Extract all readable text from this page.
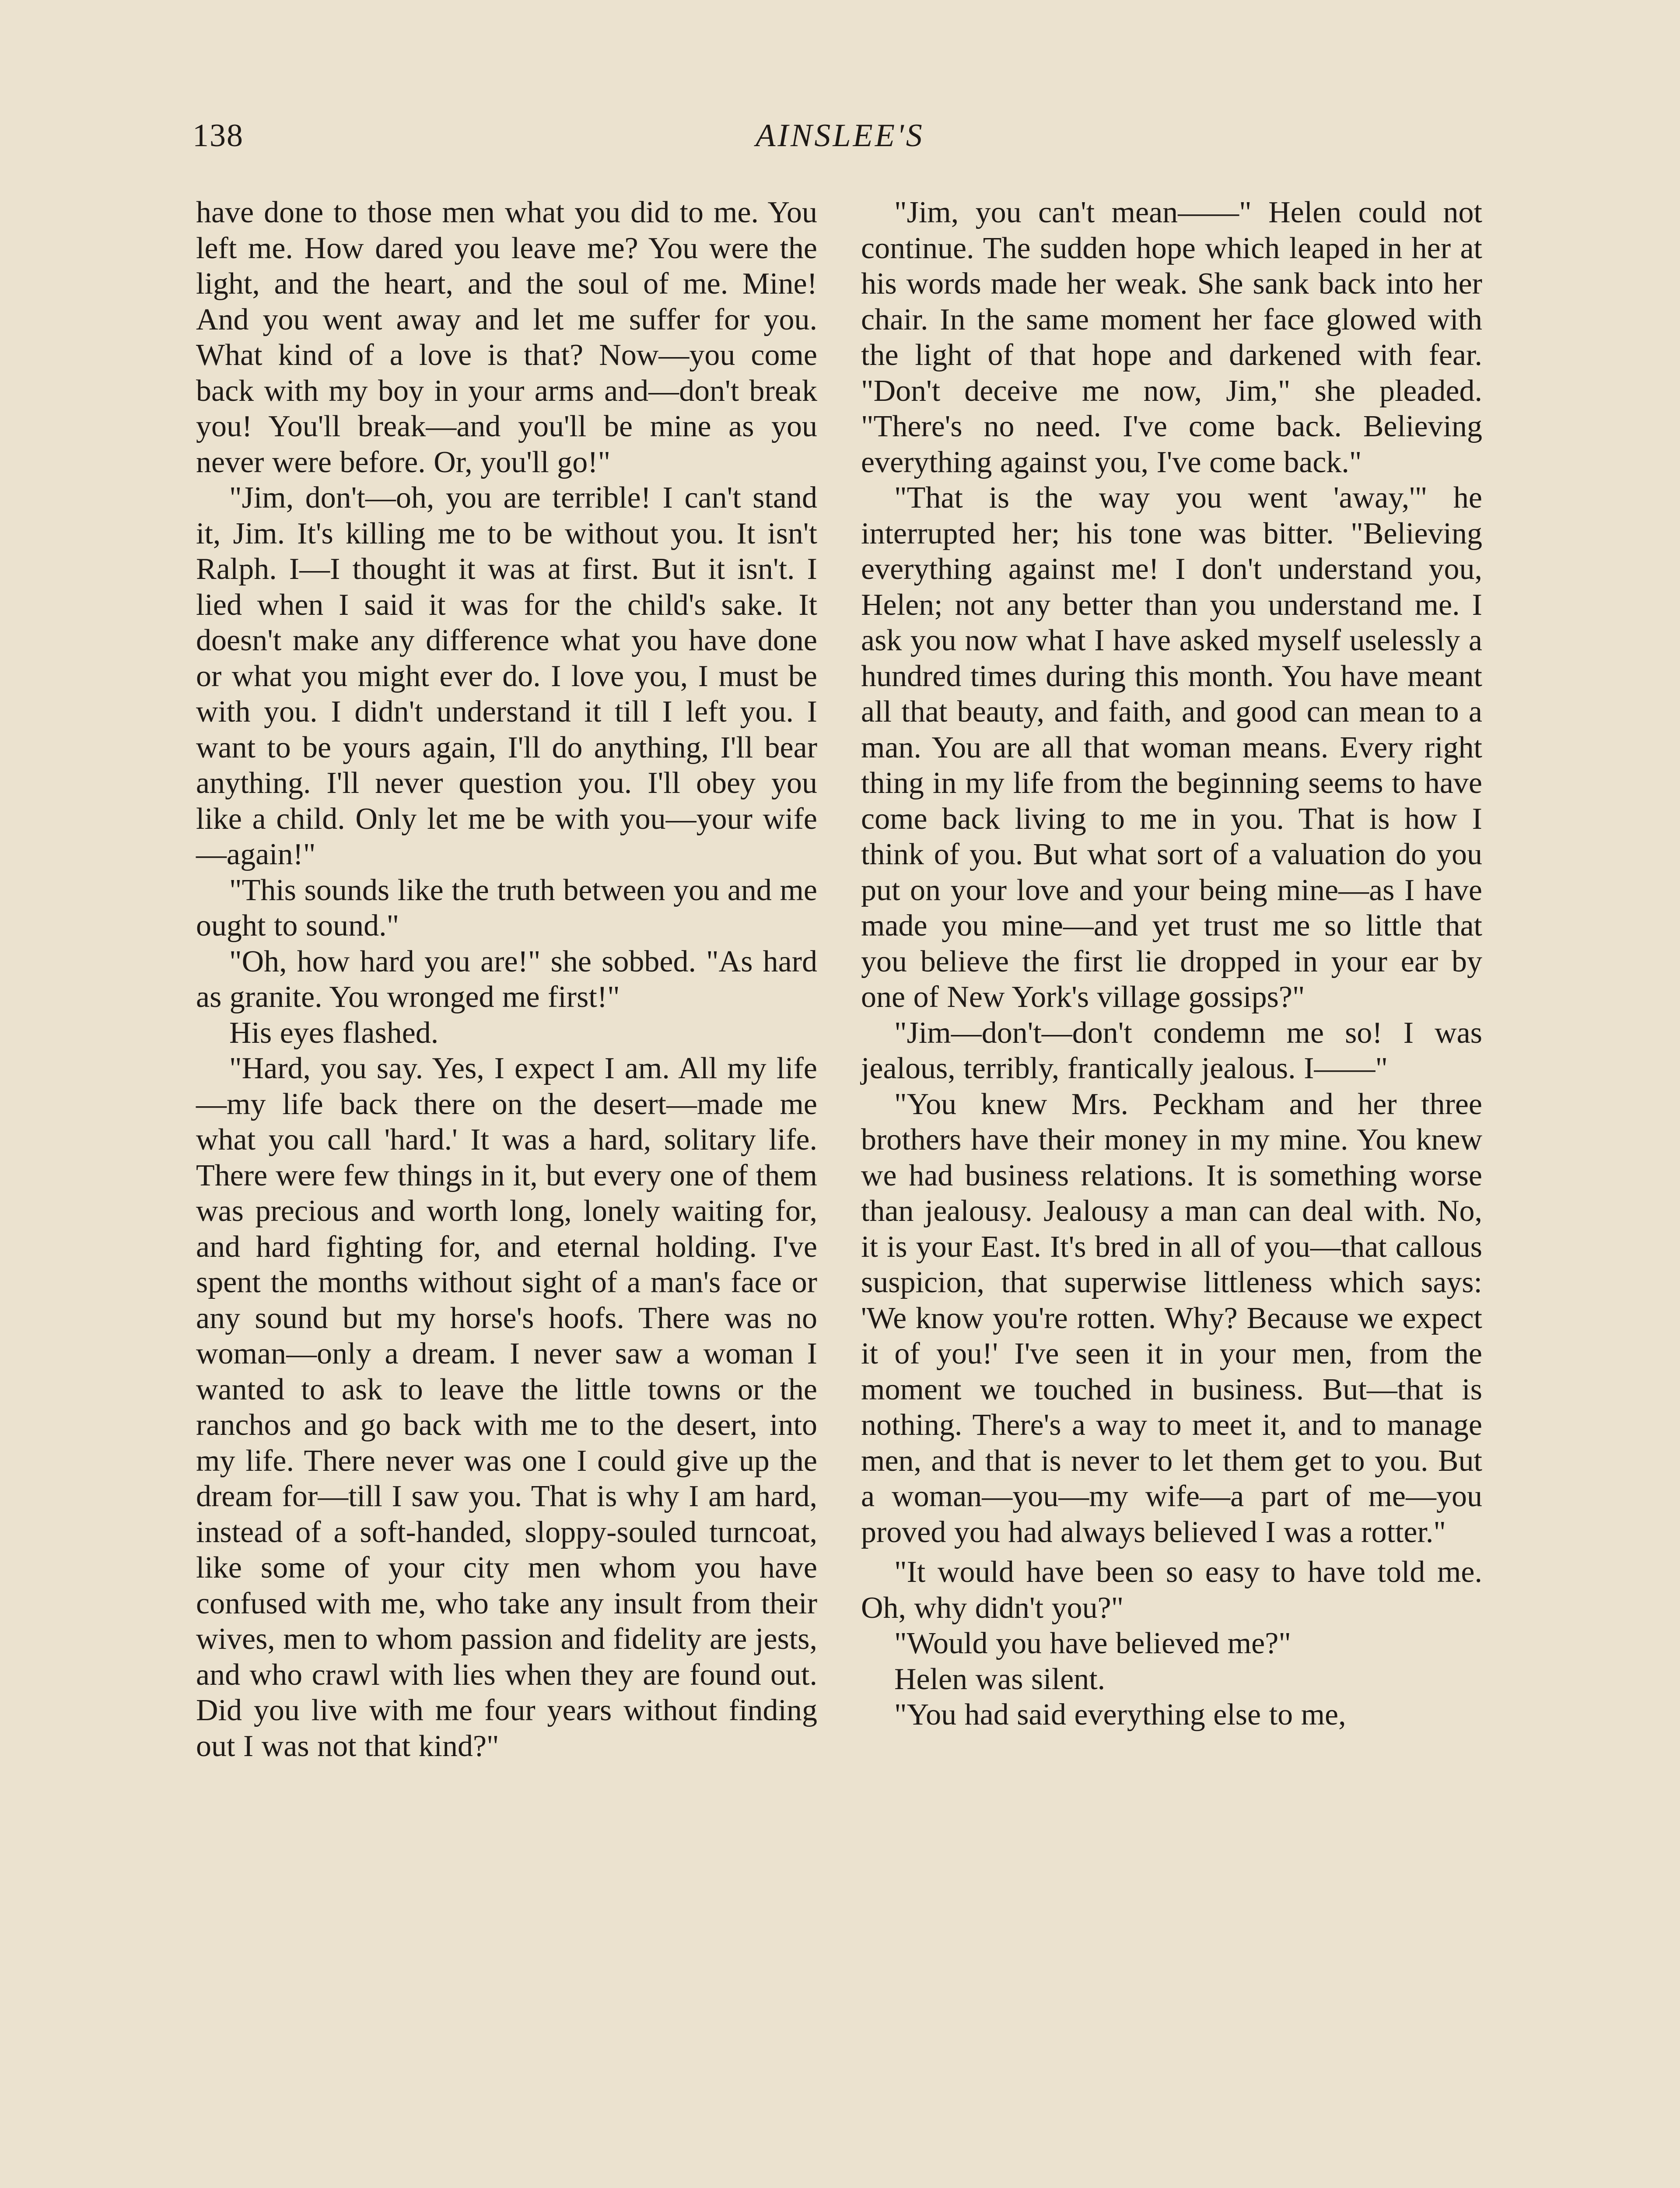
138	AINSLEE'S

have done to those men what you did to me. You left me. How dared you leave me? You were the light, and the heart, and the soul of me. Mine! And you went away and let me suffer for you. What kind of a love is that? Now—you come back with my boy in your arms and—don't break you! You'll break—and you'll be mine as you never were before. Or, you'll go!"

"Jim, don't—oh, you are terrible! I can't stand it, Jim. It's killing me to be without you. It isn't Ralph. I—I thought it was at first. But it isn't. I lied when I said it was for the child's sake. It doesn't make any difference what you have done or what you might ever do. I love you, I must be with you. I didn't understand it till I left you. I want to be yours again, I'll do anything, I'll bear anything. I'll never question you. I'll obey you like a child. Only let me be with you—your wife—again!"

"This sounds like the truth between you and me ought to sound."

"Oh, how hard you are!" she sobbed. "As hard as granite. You wronged me first!"

His eyes flashed.

"Hard, you say. Yes, I expect I am. All my life—my life back there on the desert—made me what you call 'hard.' It was a hard, solitary life. There were few things in it, but every one of them was precious and worth long, lonely waiting for, and hard fighting for, and eternal holding. I've spent the months without sight of a man's face or any sound but my horse's hoofs. There was no woman—only a dream. I never saw a woman I wanted to ask to leave the little towns or the ranchos and go back with me to the desert, into my life. There never was one I could give up the dream for—till I saw you. That is why I am hard, instead of a soft-handed, sloppy-souled turncoat, like some of your city men whom you have confused with me, who take any insult from their wives, men to whom passion and fidelity are jests, and who crawl with lies when they are found out. Did you live with me four years without finding out I was not that kind?"

"Jim, you can't mean——" Helen could not continue. The sudden hope which leaped in her at his words made her weak. She sank back into her chair. In the same moment her face glowed with the light of that hope and darkened with fear. "Don't deceive me now, Jim," she pleaded. "There's no need. I've come back. Believing everything against you, I've come back."

"That is the way you went 'away,'" he interrupted her; his tone was bitter. "Believing everything against me! I don't understand you, Helen; not any better than you understand me. I ask you now what I have asked myself uselessly a hundred times during this month. You have meant all that beauty, and faith, and good can mean to a man. You are all that woman means. Every right thing in my life from the beginning seems to have come back living to me in you. That is how I think of you. But what sort of a valuation do you put on your love and your being mine—as I have made you mine—and yet trust me so little that you believe the first lie dropped in your ear by one of New York's village gossips?"

"Jim—don't—don't condemn me so! I was jealous, terribly, frantically jealous. I——"

"You knew Mrs. Peckham and her three brothers have their money in my mine. You knew we had business relations. It is something worse than jealousy. Jealousy a man can deal with. No, it is your East. It's bred in all of you—that callous suspicion, that superwise littleness which says: 'We know you're rotten. Why? Because we expect it of you!' I've seen it in your men, from the moment we touched in business. But—that is nothing. There's a way to meet it, and to manage men, and that is never to let them get to you. But a woman—you—my wife—a part of me—you proved you had always believed I was a rotter."

"It would have been so easy to have told me. Oh, why didn't you?"

"Would you have believed me?"

Helen was silent.

"You had said everything else to me,
